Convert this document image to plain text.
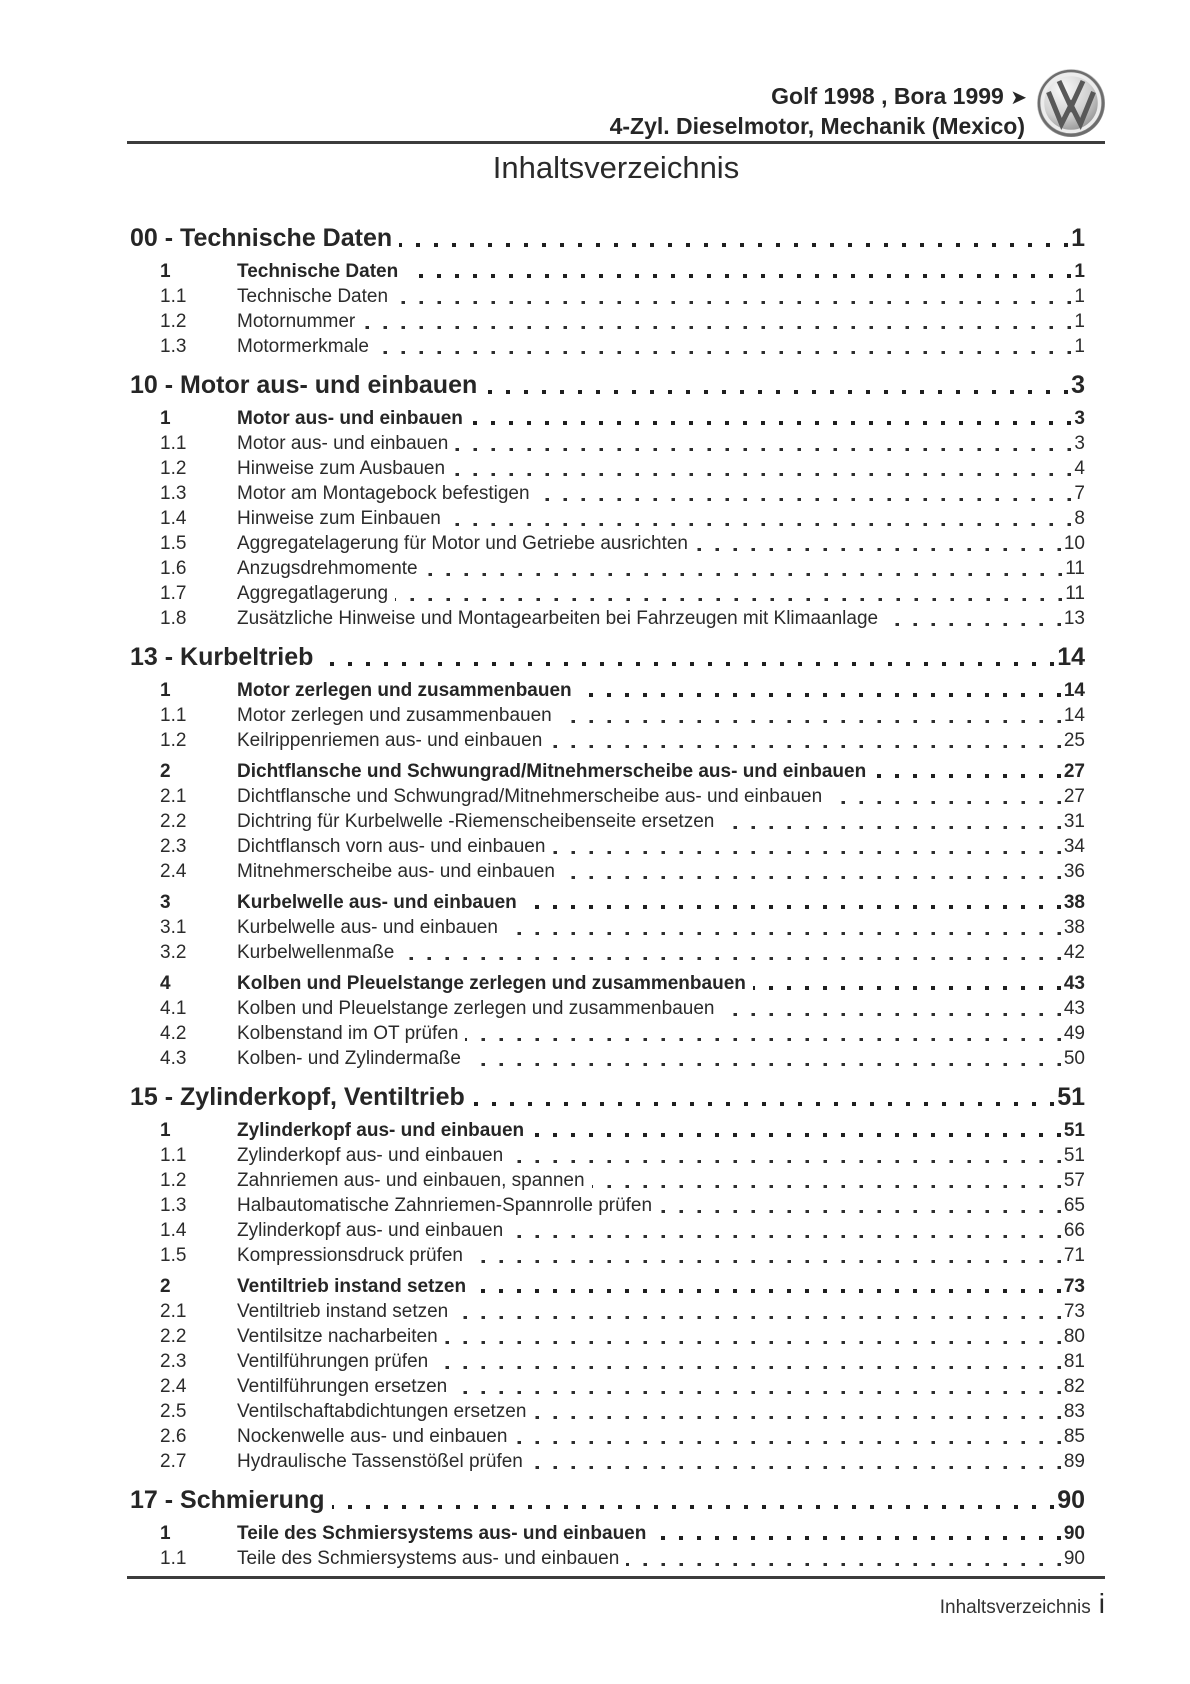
Golf 1998 , Bora 1999 ➤
4-Zyl. Dieselmotor, Mechanik (Mexico)
Inhaltsverzeichnis
00 - Technische Daten	1
1	Technische Daten	1
1.1	Technische Daten	1
1.2	Motornummer	1
1.3	Motormerkmale	1
10 - Motor aus- und einbauen	3
1	Motor aus- und einbauen	3
1.1	Motor aus- und einbauen	3
1.2	Hinweise zum Ausbauen	4
1.3	Motor am Montagebock befestigen	7
1.4	Hinweise zum Einbauen	8
1.5	Aggregatelagerung für Motor und Getriebe ausrichten	10
1.6	Anzugsdrehmomente	11
1.7	Aggregatlagerung	11
1.8	Zusätzliche Hinweise und Montagearbeiten bei Fahrzeugen mit Klimaanlage	13
13 - Kurbeltrieb	14
1	Motor zerlegen und zusammenbauen	14
1.1	Motor zerlegen und zusammenbauen	14
1.2	Keilrippenriemen aus- und einbauen	25
2	Dichtflansche und Schwungrad/Mitnehmerscheibe aus- und einbauen	27
2.1	Dichtflansche und Schwungrad/Mitnehmerscheibe aus- und einbauen	27
2.2	Dichtring für Kurbelwelle -Riemenscheibenseite ersetzen	31
2.3	Dichtflansch vorn aus- und einbauen	34
2.4	Mitnehmerscheibe aus- und einbauen	36
3	Kurbelwelle aus- und einbauen	38
3.1	Kurbelwelle aus- und einbauen	38
3.2	Kurbelwellenmaße	42
4	Kolben und Pleuelstange zerlegen und zusammenbauen	43
4.1	Kolben und Pleuelstange zerlegen und zusammenbauen	43
4.2	Kolbenstand im OT prüfen	49
4.3	Kolben- und Zylindermaße	50
15 - Zylinderkopf, Ventiltrieb	51
1	Zylinderkopf aus- und einbauen	51
1.1	Zylinderkopf aus- und einbauen	51
1.2	Zahnriemen aus- und einbauen, spannen	57
1.3	Halbautomatische Zahnriemen-Spannrolle prüfen	65
1.4	Zylinderkopf aus- und einbauen	66
1.5	Kompressionsdruck prüfen	71
2	Ventiltrieb instand setzen	73
2.1	Ventiltrieb instand setzen	73
2.2	Ventilsitze nacharbeiten	80
2.3	Ventilführungen prüfen	81
2.4	Ventilführungen ersetzen	82
2.5	Ventilschaftabdichtungen ersetzen	83
2.6	Nockenwelle aus- und einbauen	85
2.7	Hydraulische Tassenstößel prüfen	89
17 - Schmierung	90
1	Teile des Schmiersystems aus- und einbauen	90
1.1	Teile des Schmiersystems aus- und einbauen	90
Inhaltsverzeichnis i
